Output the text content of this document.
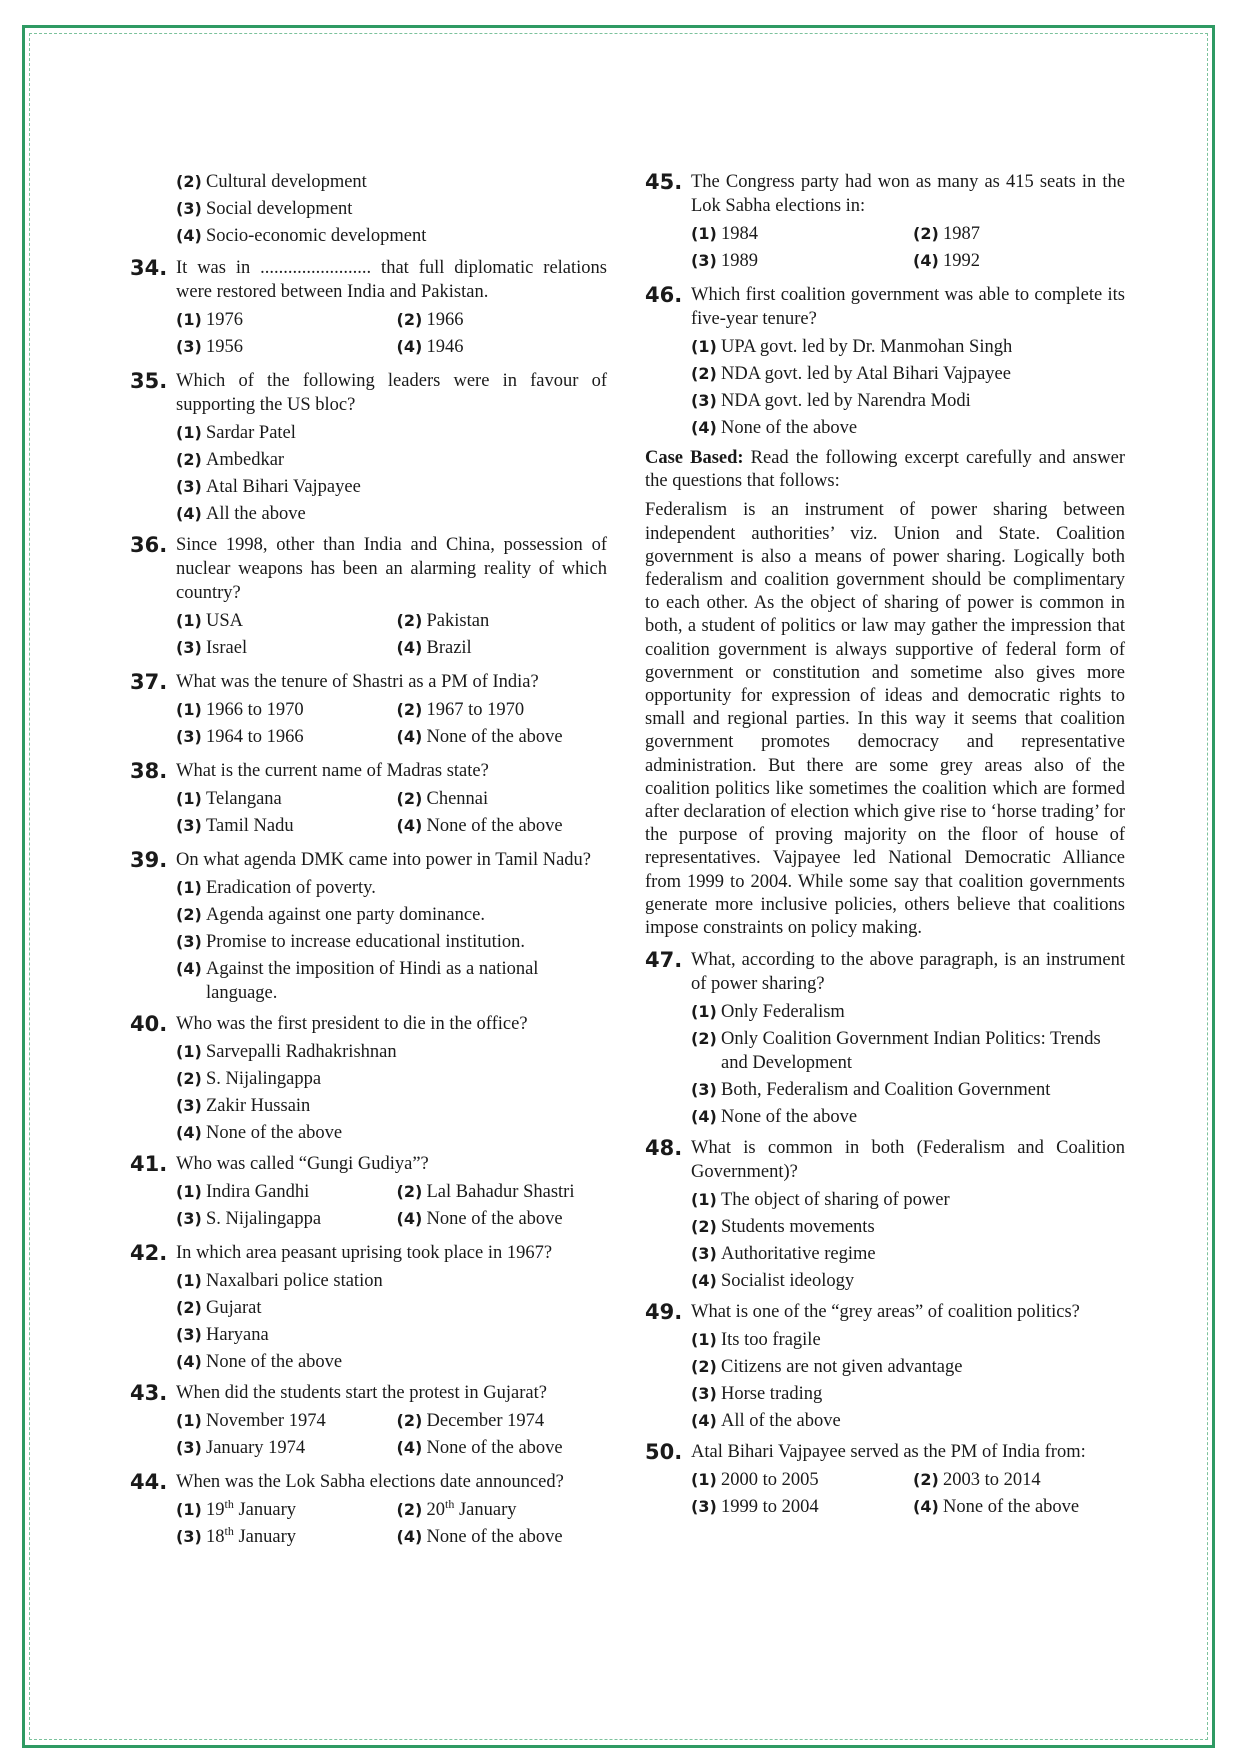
(2) Cultural development
(3) Social development
(4) Socio-economic development
34. It was in ........................ that full diplomatic relations were restored between India and Pakistan.
(1) 1976	(2) 1966
(3) 1956	(4) 1946
35. Which of the following leaders were in favour of supporting the US bloc?
(1) Sardar Patel
(2) Ambedkar
(3) Atal Bihari Vajpayee
(4) All the above
36. Since 1998, other than India and China, possession of nuclear weapons has been an alarming reality of which country?
(1) USA	(2) Pakistan
(3) Israel	(4) Brazil
37. What was the tenure of Shastri as a PM of India?
(1) 1966 to 1970	(2) 1967 to 1970
(3) 1964 to 1966	(4) None of the above
38. What is the current name of Madras state?
(1) Telangana	(2) Chennai
(3) Tamil Nadu	(4) None of the above
39. On what agenda DMK came into power in Tamil Nadu?
(1) Eradication of poverty.
(2) Agenda against one party dominance.
(3) Promise to increase educational institution.
(4) Against the imposition of Hindi as a national language.
40. Who was the first president to die in the office?
(1) Sarvepalli Radhakrishnan
(2) S. Nijalingappa
(3) Zakir Hussain
(4) None of the above
41. Who was called “Gungi Gudiya”?
(1) Indira Gandhi	(2) Lal Bahadur Shastri
(3) S. Nijalingappa	(4) None of the above
42. In which area peasant uprising took place in 1967?
(1) Naxalbari police station
(2) Gujarat
(3) Haryana
(4) None of the above
43. When did the students start the protest in Gujarat?
(1) November 1974	(2) December 1974
(3) January 1974	(4) None of the above
44. When was the Lok Sabha elections date announced?
(1) 19th January	(2) 20th January
(3) 18th January	(4) None of the above
45. The Congress party had won as many as 415 seats in the Lok Sabha elections in:
(1) 1984	(2) 1987
(3) 1989	(4) 1992
46. Which first coalition government was able to complete its five-year tenure?
(1) UPA govt. led by Dr. Manmohan Singh
(2) NDA govt. led by Atal Bihari Vajpayee
(3) NDA govt. led by Narendra Modi
(4) None of the above
Case Based: Read the following excerpt carefully and answer the questions that follows:
Federalism is an instrument of power sharing between independent authorities’ viz. Union and State. Coalition government is also a means of power sharing. Logically both federalism and coalition government should be complimentary to each other. As the object of sharing of power is common in both, a student of politics or law may gather the impression that coalition government is always supportive of federal form of government or constitution and sometime also gives more opportunity for expression of ideas and democratic rights to small and regional parties. In this way it seems that coalition government promotes democracy and representative administration. But there are some grey areas also of the coalition politics like sometimes the coalition which are formed after declaration of election which give rise to ‘horse trading’ for the purpose of proving majority on the floor of house of representatives. Vajpayee led National Democratic Alliance from 1999 to 2004. While some say that coalition governments generate more inclusive policies, others believe that coalitions impose constraints on policy making.
47. What, according to the above paragraph, is an instrument of power sharing?
(1) Only Federalism
(2) Only Coalition Government Indian Politics: Trends and Development
(3) Both, Federalism and Coalition Government
(4) None of the above
48. What is common in both (Federalism and Coalition Government)?
(1) The object of sharing of power
(2) Students movements
(3) Authoritative regime
(4) Socialist ideology
49. What is one of the “grey areas” of coalition politics?
(1) Its too fragile
(2) Citizens are not given advantage
(3) Horse trading
(4) All of the above
50. Atal Bihari Vajpayee served as the PM of India from:
(1) 2000 to 2005	(2) 2003 to 2014
(3) 1999 to 2004	(4) None of the above
